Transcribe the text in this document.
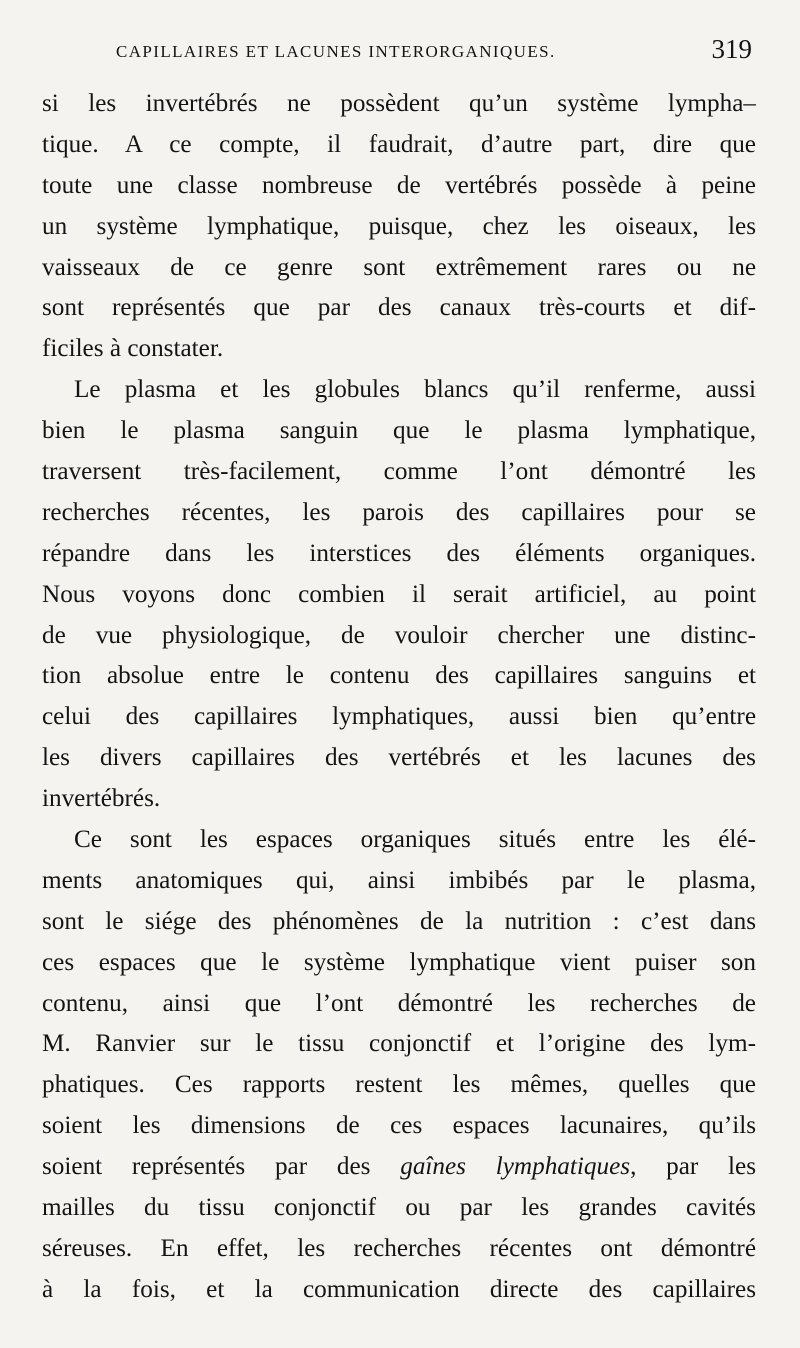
CAPILLAIRES ET LACUNES INTERORGANIQUES.	319

si les invertébrés ne possèdent qu’un système lympha–
tique. A ce compte, il faudrait, d’autre part, dire que
toute une classe nombreuse de vertébrés possède à peine
un système lymphatique, puisque, chez les oiseaux, les
vaisseaux de ce genre sont extrêmement rares ou ne
sont représentés que par des canaux très-courts et dif-
ficiles à constater.

Le plasma et les globules blancs qu’il renferme, aussi
bien le plasma sanguin que le plasma lymphatique,
traversent très-facilement, comme l’ont démontré les
recherches récentes, les parois des capillaires pour se
répandre dans les interstices des éléments organiques.
Nous voyons donc combien il serait artificiel, au point
de vue physiologique, de vouloir chercher une distinc-
tion absolue entre le contenu des capillaires sanguins et
celui des capillaires lymphatiques, aussi bien qu’entre
les divers capillaires des vertébrés et les lacunes des
invertébrés.

Ce sont les espaces organiques situés entre les élé-
ments anatomiques qui, ainsi imbibés par le plasma,
sont le siége des phénomènes de la nutrition : c’est dans
ces espaces que le système lymphatique vient puiser son
contenu, ainsi que l’ont démontré les recherches de
M. Ranvier sur le tissu conjonctif et l’origine des lym-
phatiques. Ces rapports restent les mêmes, quelles que
soient les dimensions de ces espaces lacunaires, qu’ils
soient représentés par des gaînes lymphatiques, par les
mailles du tissu conjonctif ou par les grandes cavités
séreuses. En effet, les recherches récentes ont démontré
à la fois, et la communication directe des capillaires
